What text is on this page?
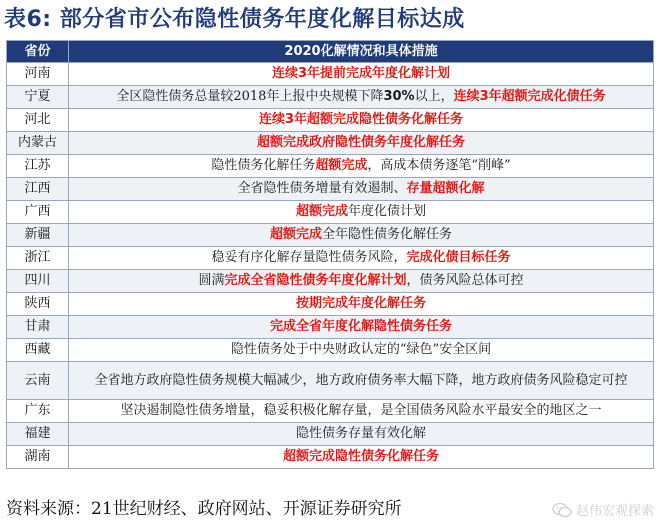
表6: 部分省市公布隐性债务年度化解目标达成
省份	2020化解情况和具体措施
河南	连续3年提前完成年度化解计划
宁夏	全区隐性债务总量较2018年上报中央规模下降30%以上，连续3年超额完成化债任务
河北	连续3年超额完成隐性债务化解任务
内蒙古	超额完成政府隐性债务年度化解任务
江苏	隐性债务化解任务超额完成，高成本债务逐笔“削峰”
江西	全省隐性债务增量有效遏制、存量超额化解
广西	超额完成年度化债计划
新疆	超额完成全年隐性债务化解任务
浙江	稳妥有序化解存量隐性债务风险，完成化债目标任务
四川	圆满完成全省隐性债务年度化解计划，债务风险总体可控
陕西	按期完成年度化解任务
甘肃	完成全省年度化解隐性债务任务
西藏	隐性债务处于中央财政认定的“绿色”安全区间
云南	全省地方政府隐性债务规模大幅减少，地方政府债务率大幅下降，地方政府债务风险稳定可控
广东	坚决遏制隐性债务增量，稳妥积极化解存量，是全国债务风险水平最安全的地区之一
福建	隐性债务存量有效化解
湖南	超额完成隐性债务化解任务
资料来源：21世纪财经、政府网站、开源证券研究所	赵伟宏观探索
